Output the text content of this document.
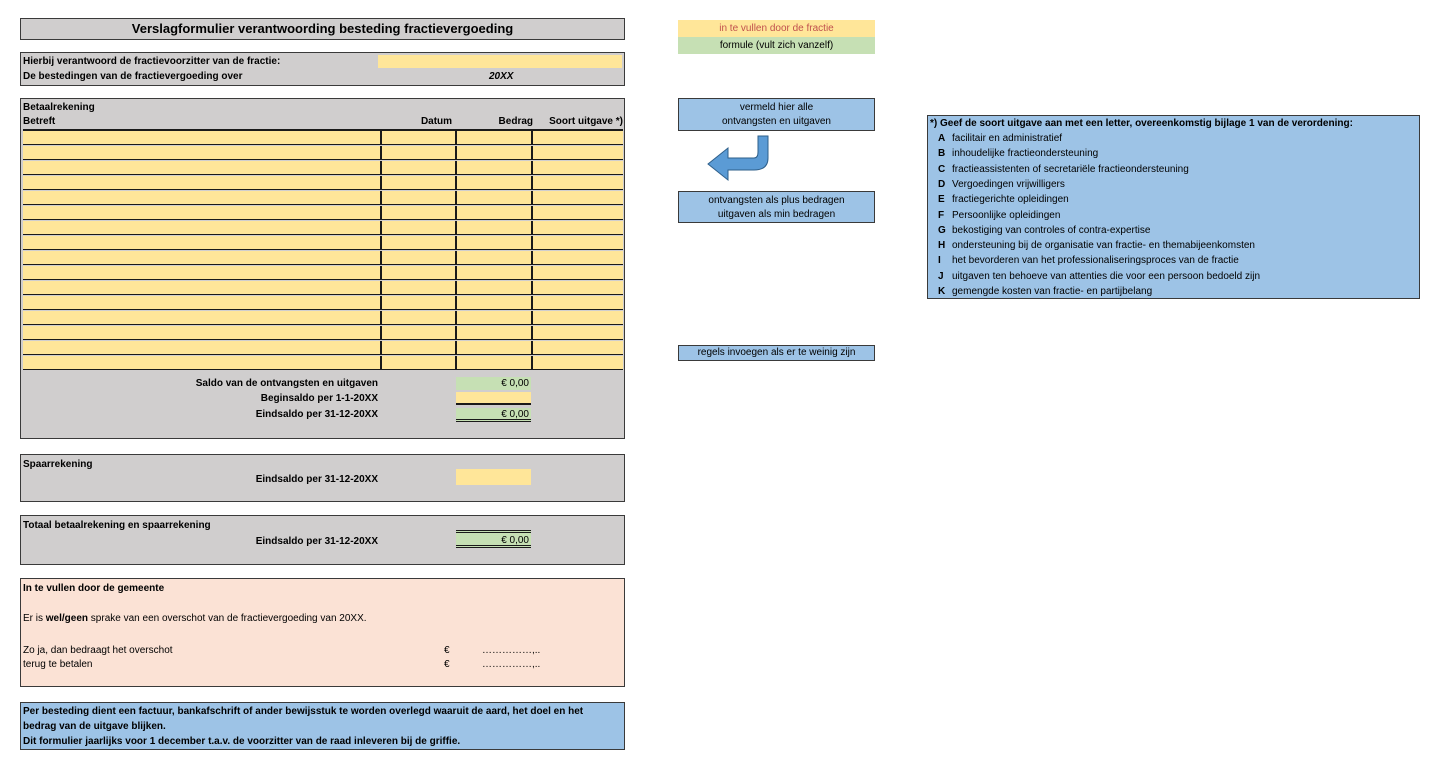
Verslagformulier verantwoording besteding fractievergoeding
Hierbij verantwoord de fractievoorzitter van de fractie:
De bestedingen van de fractievergoeding over	20XX
Betaalrekening
Betreft	Datum	Bedrag	Soort uitgave *)
Saldo van de ontvangsten en uitgaven	€ 0,00
Beginsaldo per 1-1-20XX
Eindsaldo per 31-12-20XX	€ 0,00
Spaarrekening
Eindsaldo per 31-12-20XX
Totaal betaalrekening en spaarrekening
Eindsaldo per 31-12-20XX	€ 0,00
In te vullen door de gemeente
Er is wel/geen sprake van een overschot van de fractievergoeding van 20XX.
Zo ja, dan bedraagt het overschot	€	……………,..
terug te betalen	€	……………,..
Per besteding dient een factuur, bankafschrift of ander bewijsstuk te worden overlegd waaruit de aard, het doel en het
bedrag van de uitgave blijken.
Dit formulier jaarlijks voor 1 december t.a.v. de voorzitter van de raad inleveren bij de griffie.
in te vullen door de fractie
formule (vult zich vanzelf)
vermeld hier alle
ontvangsten en uitgaven
ontvangsten als plus bedragen
uitgaven als min bedragen
regels invoegen als er te weinig zijn
*) Geef de soort uitgave aan met een letter, overeenkomstig bijlage 1 van de verordening:
A facilitair en administratief
B inhoudelijke fractieondersteuning
C fractieassistenten of secretariële fractieondersteuning
D Vergoedingen vrijwilligers
E fractiegerichte opleidingen
F Persoonlijke opleidingen
G bekostiging van controles of contra-expertise
H ondersteuning bij de organisatie van fractie- en themabijeenkomsten
I het bevorderen van het professionaliseringsproces van de fractie
J uitgaven ten behoeve van attenties die voor een persoon bedoeld zijn
K gemengde kosten van fractie- en partijbelang
